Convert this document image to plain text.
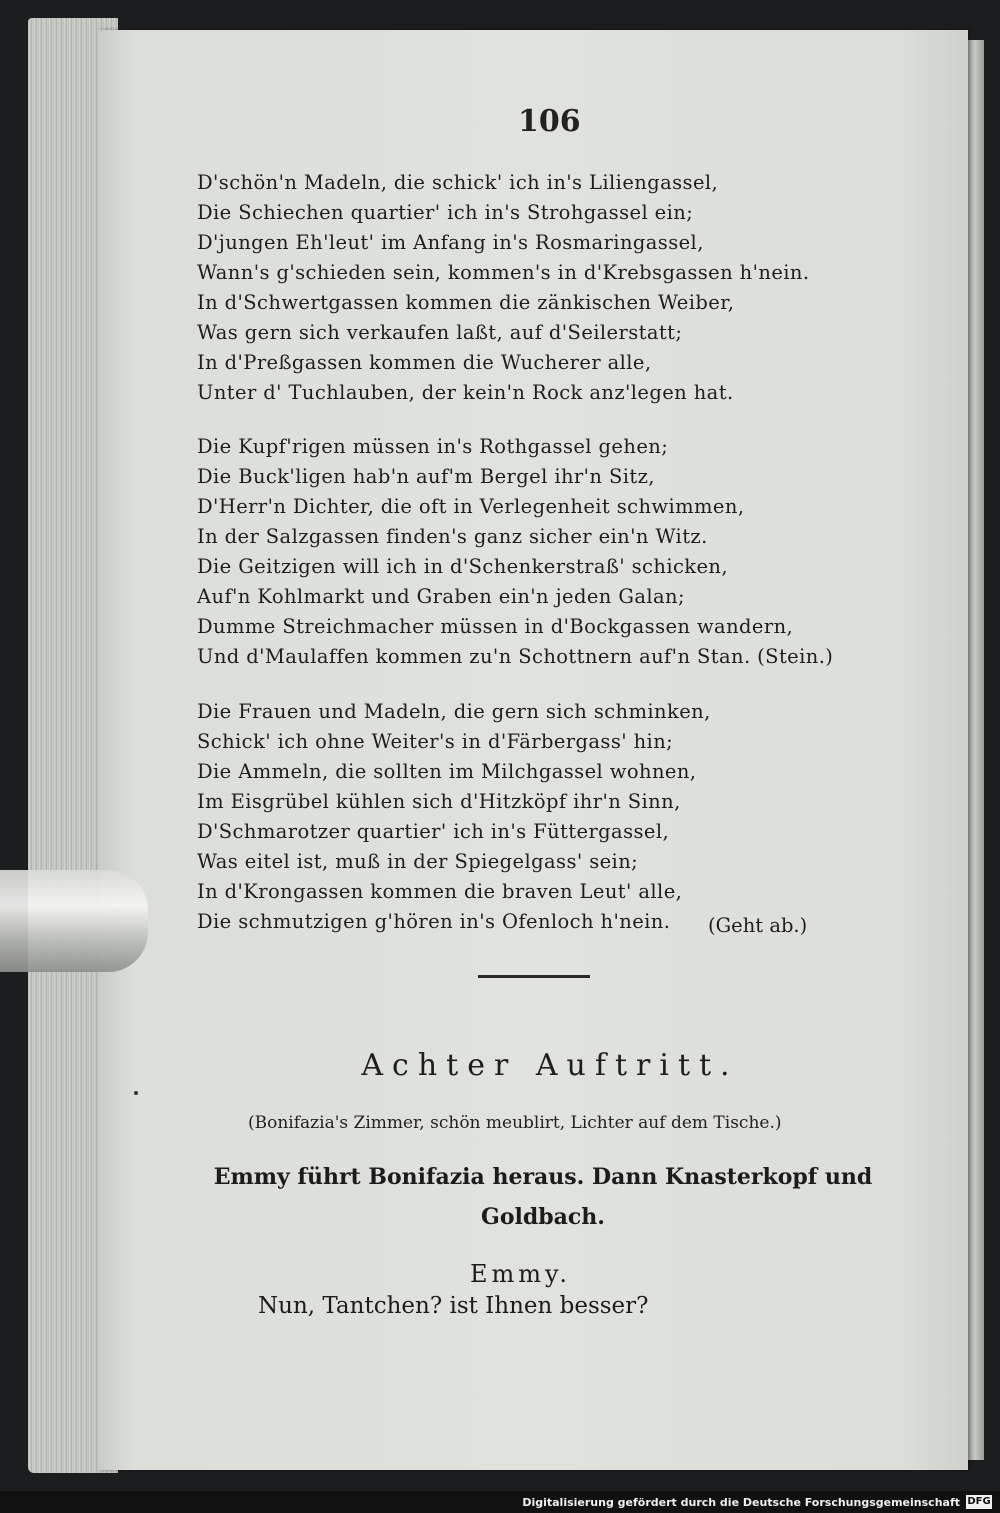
106
D'schön'n Madeln, die schick' ich in's Liliengassel,
Die Schiechen quartier' ich in's Strohgassel ein;
D'jungen Eh'leut' im Anfang in's Rosmaringassel,
Wann's g'schieden sein, kommen's in d'Krebsgassen h'nein.
In d'Schwertgassen kommen die zänkischen Weiber,
Was gern sich verkaufen laßt, auf d'Seilerstatt;
In d'Preßgassen kommen die Wucherer alle,
Unter d' Tuchlauben, der kein'n Rock anz'legen hat.
Die Kupf'rigen müssen in's Rothgassel gehen;
Die Buck'ligen hab'n auf'm Bergel ihr'n Sitz,
D'Herr'n Dichter, die oft in Verlegenheit schwimmen,
In der Salzgassen finden's ganz sicher ein'n Witz.
Die Geitzigen will ich in d'Schenkerstraß' schicken,
Auf'n Kohlmarkt und Graben ein'n jeden Galan;
Dumme Streichmacher müssen in d'Bockgassen wandern,
Und d'Maulaffen kommen zu'n Schottnern auf'n Stan. (Stein.)
Die Frauen und Madeln, die gern sich schminken,
Schick' ich ohne Weiter's in d'Färbergass' hin;
Die Ammeln, die sollten im Milchgassel wohnen,
Im Eisgrübel kühlen sich d'Hitzköpf ihr'n Sinn,
D'Schmarotzer quartier' ich in's Füttergassel,
Was eitel ist, muß in der Spiegelgass' sein;
In d'Krongassen kommen die braven Leut' alle,
Die schmutzigen g'hören in's Ofenloch h'nein.	(Geht ab.)
Achter Auftritt.
(Bonifazia's Zimmer, schön meublirt, Lichter auf dem Tische.)
Emmy führt Bonifazia heraus. Dann Knasterkopf und Goldbach.
Emmy.
Nun, Tantchen? ist Ihnen besser?
Digitalisierung gefördert durch die Deutsche Forschungsgemeinschaft DFG
